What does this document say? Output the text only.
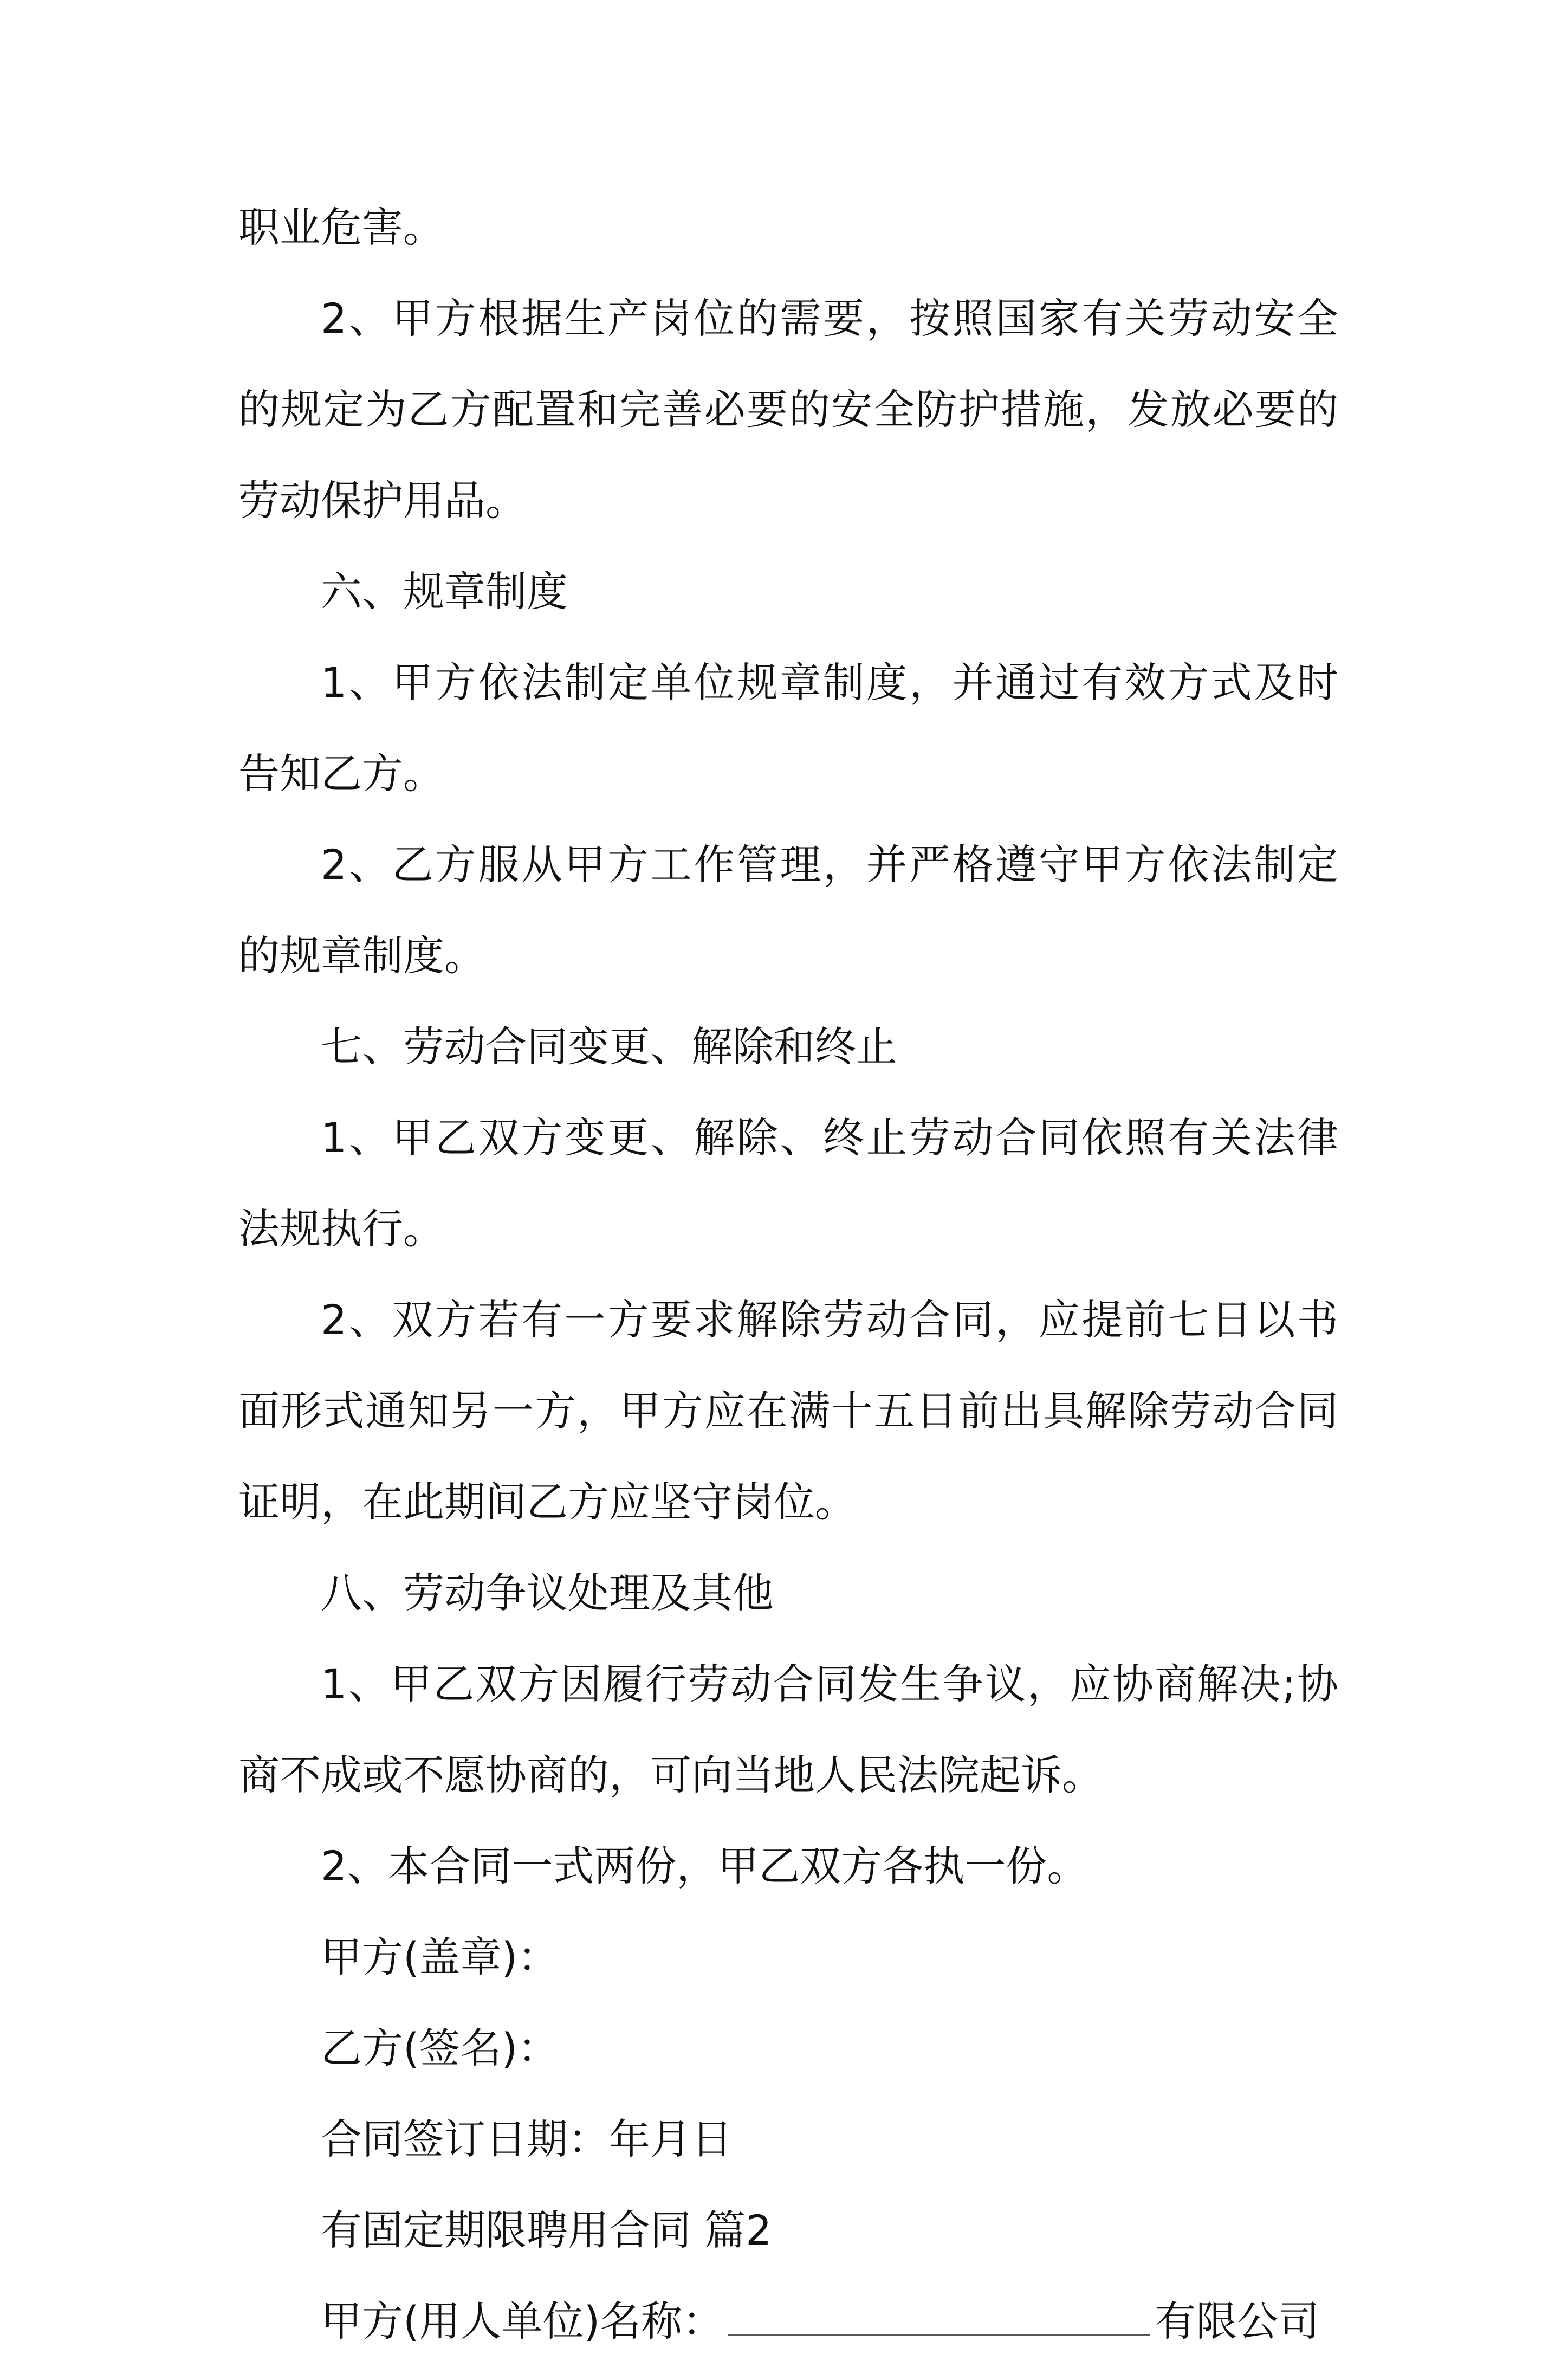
职业危害。
2、甲方根据生产岗位的需要，按照国家有关劳动安全
的规定为乙方配置和完善必要的安全防护措施，发放必要的
劳动保护用品。
六、规章制度
1、甲方依法制定单位规章制度，并通过有效方式及时
告知乙方。
2、乙方服从甲方工作管理，并严格遵守甲方依法制定
的规章制度。
七、劳动合同变更、解除和终止
1、甲乙双方变更、解除、终止劳动合同依照有关法律
法规执行。
2、双方若有一方要求解除劳动合同，应提前七日以书
面形式通知另一方，甲方应在满十五日前出具解除劳动合同
证明，在此期间乙方应坚守岗位。
八、劳动争议处理及其他
1、甲乙双方因履行劳动合同发生争议，应协商解决;协
商不成或不愿协商的，可向当地人民法院起诉。
2、本合同一式两份，甲乙双方各执一份。
甲方(盖章)：
乙方(签名)：
合同签订日期：年月日
有固定期限聘用合同 篇2
甲方(用人单位)名称：	有限公司
